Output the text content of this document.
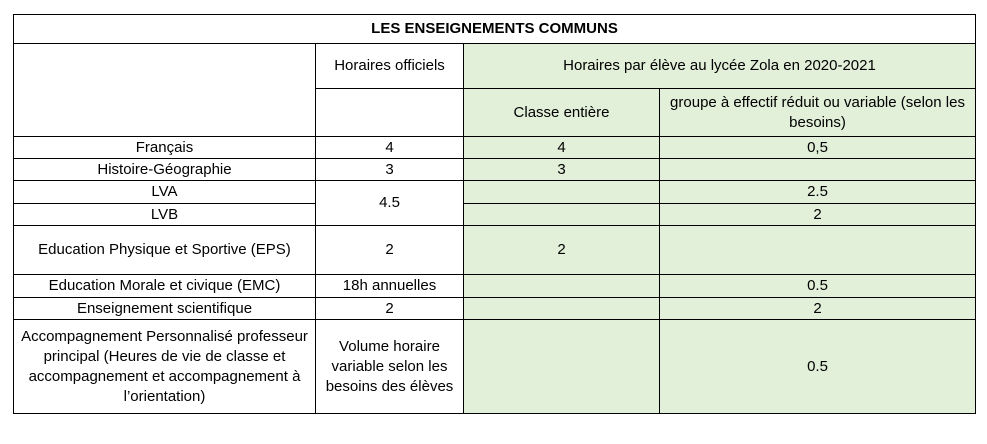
LES ENSEIGNEMENTS COMMUNS			
	Horaires officiels	Horaires par élève au lycée Zola en 2020-2021	
		Classe entière	groupe à effectif réduit ou variable (selon les besoins)
Français	4	4	0,5
Histoire-Géographie	3	3	
LVA	4.5		2.5
LVB			2
Education Physique et Sportive (EPS)	2	2	
Education Morale et civique (EMC)	18h annuelles		0.5
Enseignement scientifique	2		2
Accompagnement Personnalisé professeur principal (Heures de vie de classe et accompagnement et accompagnement à l’orientation)	Volume horaire variable selon les besoins des élèves		0.5
